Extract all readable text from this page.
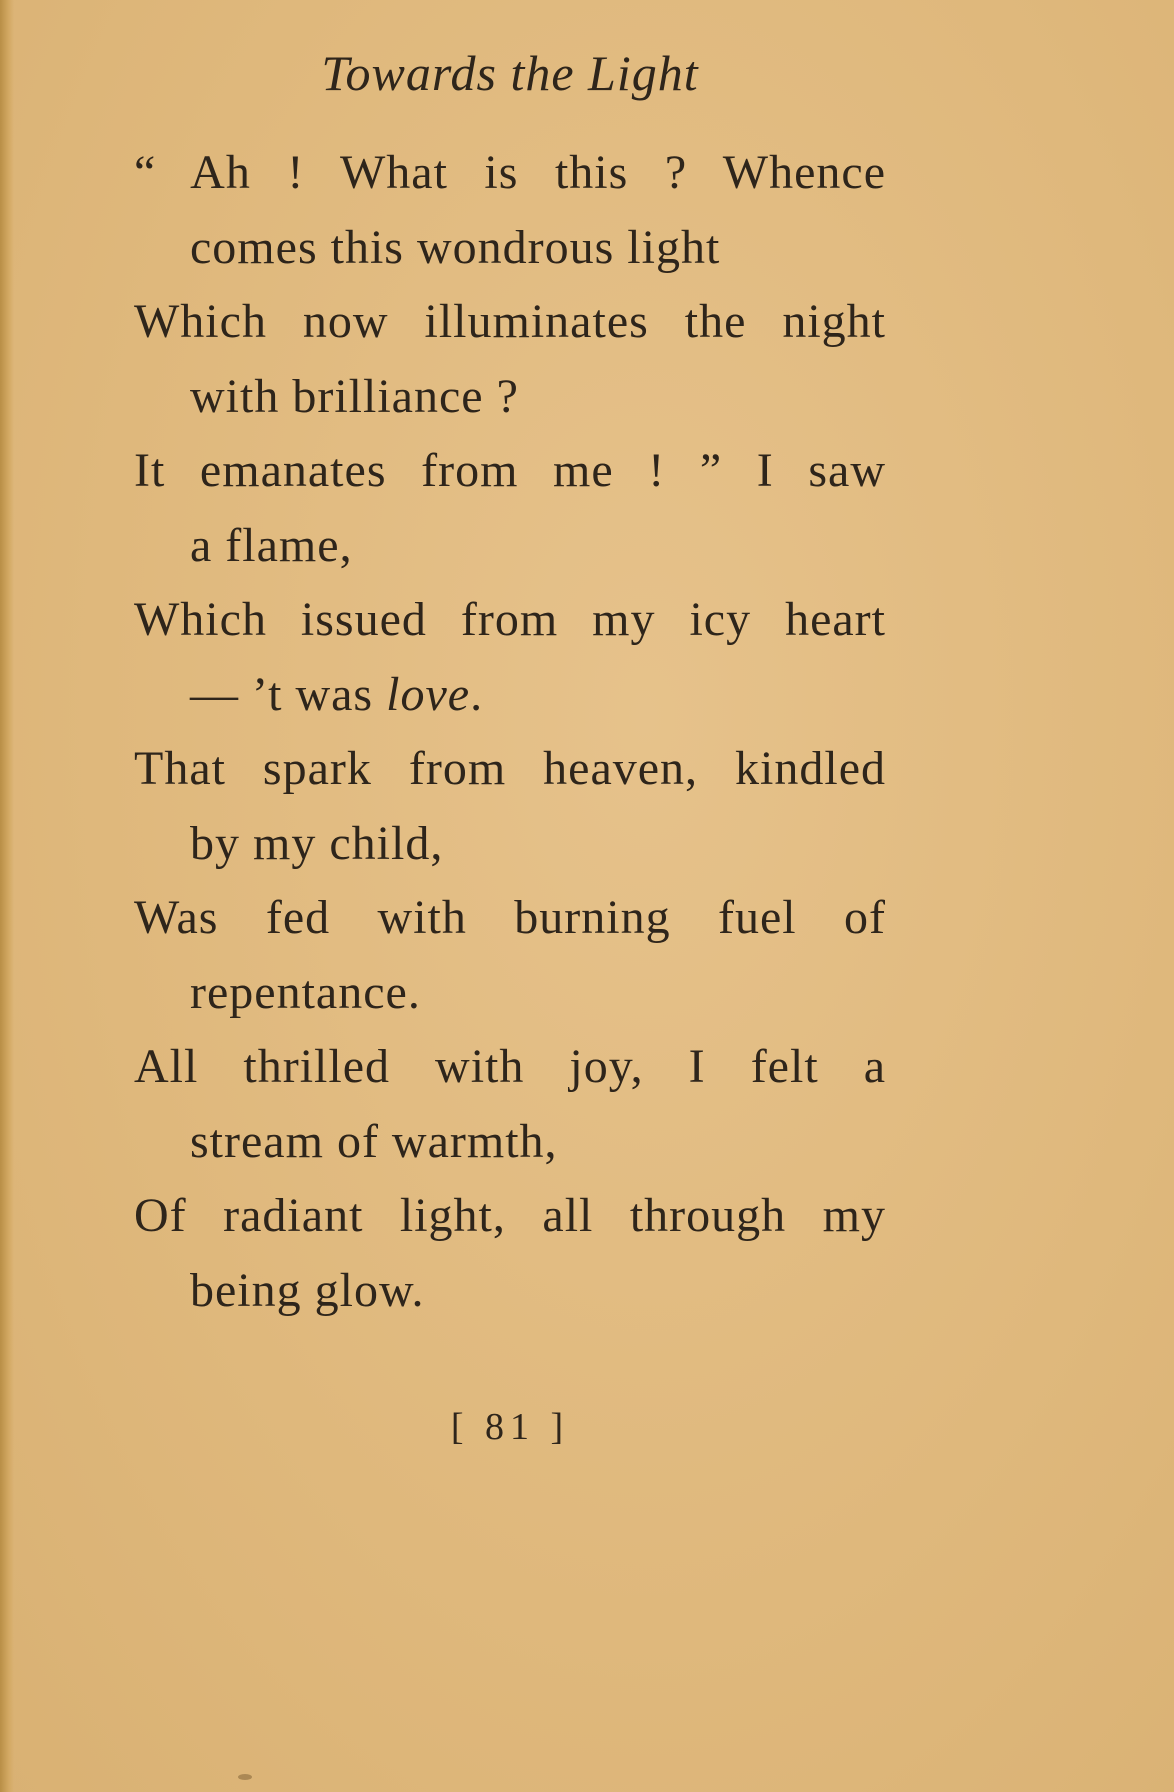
Towards the Light
“ Ah ! What is this ? Whence
comes this wondrous light
Which now illuminates the night
with brilliance ?
It emanates from me ! ” I saw
a flame,
Which issued from my icy heart
— ’t was love.
That spark from heaven, kindled
by my child,
Was fed with burning fuel of
repentance.
All thrilled with joy, I felt a
stream of warmth,
Of radiant light, all through my
being glow.
[ 81 ]
